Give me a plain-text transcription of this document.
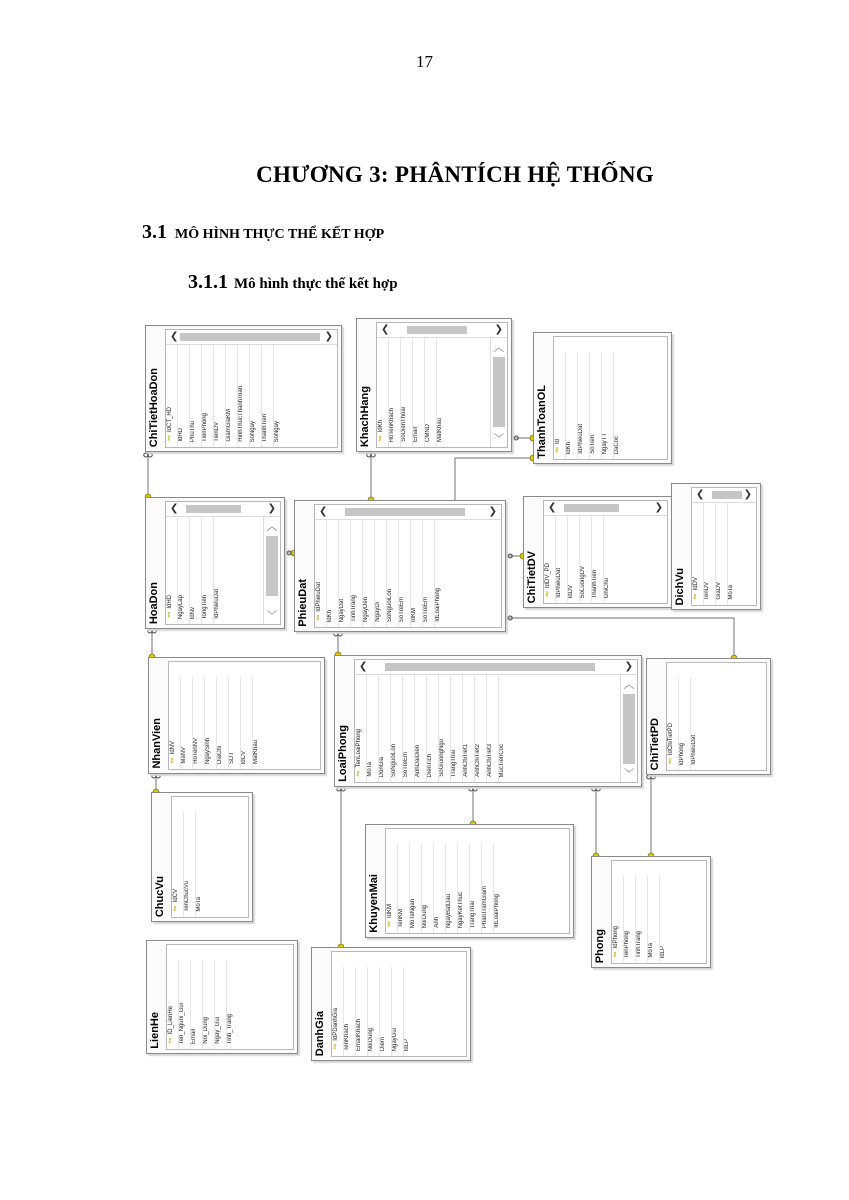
17
CHƯƠNG 3: PHÂNTÍCH HỆ THỐNG
3.1 MÔ HÌNH THỰC THỂ KẾT HỢP
3.1.1 Mô hình thực thể kết hợp
ChiTietHoaDon
❮	❯
⚷ IdCT_HD
IdHD	PhuThu	TienPhong	TienDV	GiamGiaKM	HinhThucThanhToan	SoNgay	ThanhTien	SoNgay	KhachHang
❮	❯
︿
﹀
⚷ IdKh HoTenKhach	SoDienThoai	Email	CMND	MatKhau	ThanhToanOL ⚷ Id
IdKh	IdPhieuDat	SoTien	NgayTT	DaCoc
HoaDon
❮	❯
︿
﹀
⚷ IdHD NgayLap	IdNv	TongTien	IdPhieuDat	PhieuDat
❮	❯
⚷ IdPhieuDat
IdKh	NgayDat	TinhTrang	NgayDen	NgayDi	SoNguoiLon	SoTreEm	IdKM	SoTreEm	IdLoaiPhong
ChiTietDV
❮	❯
⚷ IdDV_PD IdPhieuDat	IdDV	SoLuongDV	ThanhTien	GhiChu	DichVu
❮	❯
⚷ IdDV TenDV	GiaDV	MoTa
NhanVien ⚷ IdNV MaNV	HoTenNV	NgaySinh	DiaChi	SDT	IdCV	MatKhau	LoaiPhong
❮	❯
︿
﹀
⚷ TenLoaiPhong
MoTa	DonGia	SoNguoiLon	SoTreEm	AnhDaiDien	DienTich	SoGiuongNgu	TrangThai	AnhChiTiet1	AnhChiTiet2	AnhChiTiet3	MucTienCoc	ChiTietPD ⚷ IdChiTietPD IdPhong	IdPhieuDat
ChucVu ⚷ IdCV TenChucVu	MoTa	KhuyenMai ⚷ IdKM TenKM	MoTaNgan	NoiDung	Anh	NgayBatDau	NgayKetThuc	TrangThai	PhanTramGiam	IdLoaiPhong
Phong ⚷ IdPhong TenPhong	TinhTrang	MoTa	IdLP
LienHe ⚷ ID_LienHe Ten_Nguoi_Gui	Email	Noi_Dung	Ngay_Gui	Tinh_Trang	DanhGia ⚷ IdPDanhGia TenKhach	EmailKhach	NoiDung	Diem	NgayGui	IdLP
